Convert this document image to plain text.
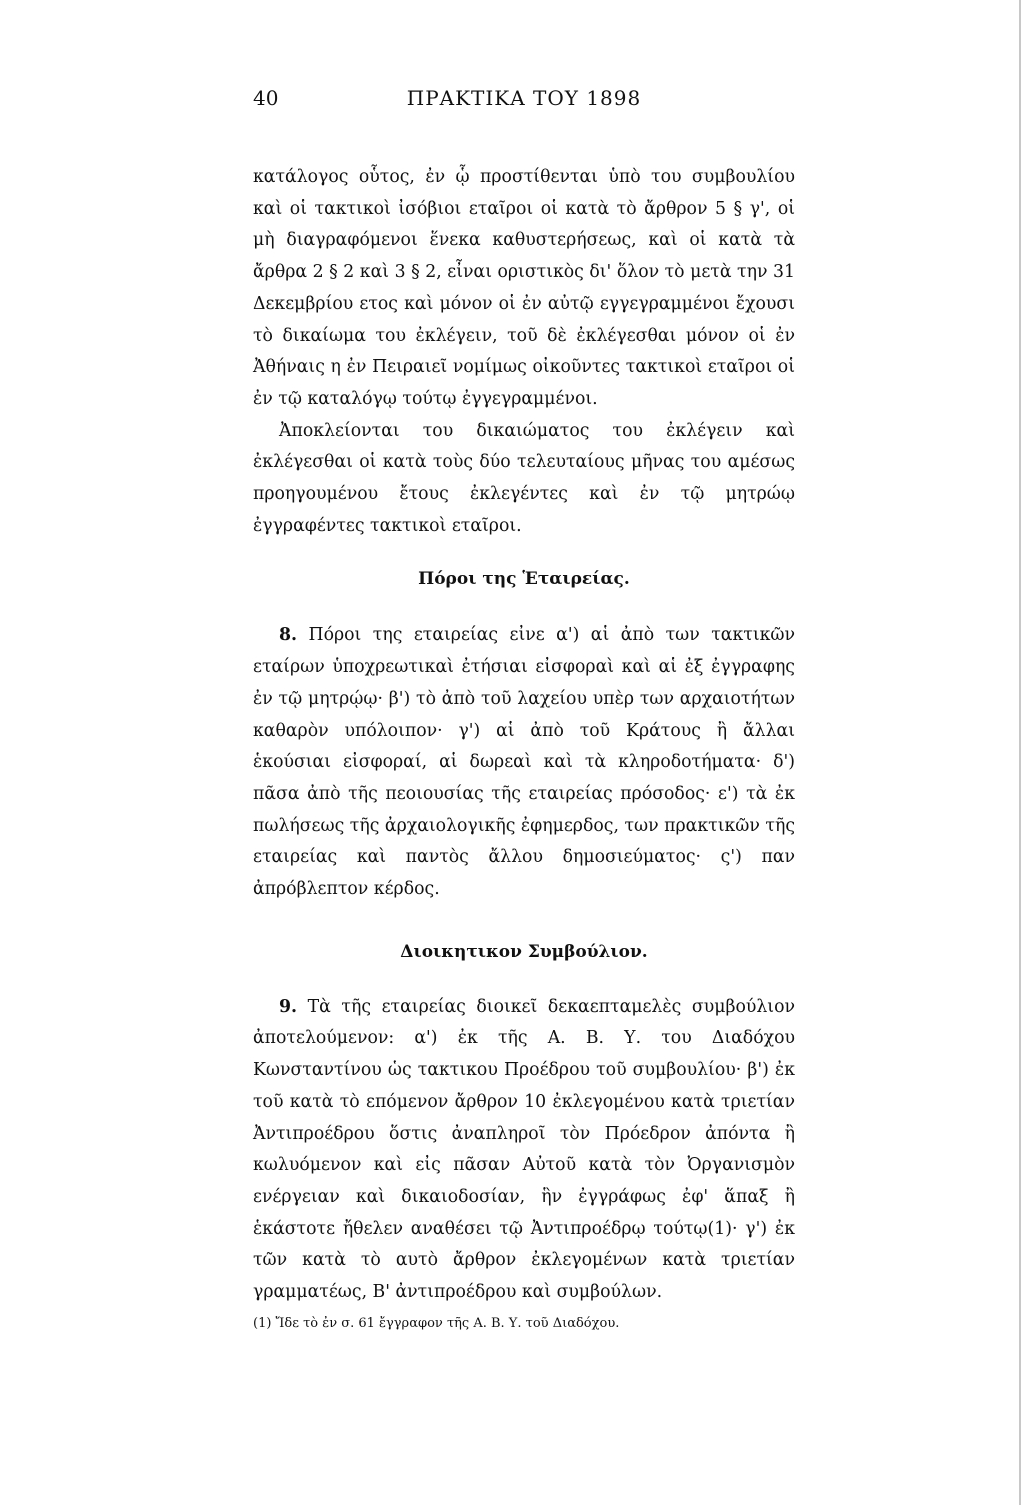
40	ΠΡΑΚΤΙΚΑ ΤΟΥ 1898

κατάλογος οὗτος, ἐν ᾧ προστίθενται ὑπὸ του συμβουλίου καὶ οἱ τακτικοὶ ἰσόβιοι εταῖροι οἱ κατὰ τὸ ἄρθρον 5 § γ', οἱ μὴ διαγραφόμενοι ἕνεκα καθυστερήσεως, καὶ οἱ κατὰ τὰ ἄρθρα 2 § 2 καὶ 3 § 2, εἶναι οριστικὸς δι' ὅλον τὸ μετὰ την 31 Δεκεμβρίου ετος καὶ μόνον οἱ ἐν αὐτῷ εγγεγραμμένοι ἔχουσι τὸ δικαίωμα του ἐκλέγειν, τοῦ δὲ ἐκλέγεσθαι μόνον οἱ ἐν Ἀθήναις η ἐν Πειραιεῖ νομίμως οἰκοῦντες τακτικοὶ εταῖροι οἱ ἐν τῷ καταλόγῳ τούτῳ ἐγγεγραμμένοι.

Ἀποκλείονται του δικαιώματος του ἐκλέγειν καὶ ἐκλέγεσθαι οἱ κατὰ τοὺς δύο τελευταίους μῆνας του αμέσως προηγουμένου ἔτους ἐκλεγέντες καὶ ἐν τῷ μητρώῳ ἐγγραφέντες τακτικοὶ εταῖροι.

Πόροι της Ἑταιρείας.

8. Πόροι της εταιρείας εἰνε α') αἱ ἀπὸ των τακτικῶν εταίρων ὑποχρεωτικαὶ ἐτήσιαι εἰσφοραὶ καὶ αἱ ἐξ ἐγγραφης ἐν τῷ μητρῴῳ· β') τὸ ἀπὸ τοῦ λαχείου υπὲρ των αρχαιοτήτων καθαρὸν υπόλοιπον· γ') αἱ ἀπὸ τοῦ Κράτους ἢ ἄλλαι ἑκούσιαι εἰσφοραί, αἱ δωρεαὶ καὶ τὰ κληροδοτήματα· δ') πᾶσα ἀπὸ τῆς πεοιουσίας τῆς εταιρείας πρόσοδος· ε') τὰ ἐκ πωλήσεως τῆς ἀρχαιολογικῆς ἐφημερδος, των πρακτικῶν τῆς εταιρείας καὶ παντὸς ἄλλου δημοσιεύματος· ς') παν ἀπρόβλεπτον κέρδος.

Διοικητικον Συμβούλιον.

9. Τὰ τῆς εταιρείας διοικεῖ δεκαεπταμελὲς συμβούλιον ἀποτελούμενον: α') ἐκ τῆς Α. Β. Υ. του Διαδόχου Κωνσταντίνου ὡς τακτικου Προέδρου τοῦ συμβουλίου· β') ἐκ τοῦ κατὰ τὸ επόμενον ἄρθρον 10 ἐκλεγομένου κατὰ τριετίαν Ἀντιπροέδρου ὅστις ἀναπληροῖ τὸν Πρόεδρον ἀπόντα ἢ κωλυόμενον καὶ εἰς πᾶσαν Αὐτοῦ κατὰ τὸν Ὀργανισμὸν ενέργειαν καὶ δικαιοδοσίαν, ἣν ἐγγράφως ἐφ' ἅπαξ ἢ ἑκάστοτε ἤθελεν αναθέσει τῷ Ἀντιπροέδρῳ τούτῳ(1)· γ') ἐκ τῶν κατὰ τὸ αυτὸ ἄρθρον ἐκλεγομένων κατὰ τριετίαν γραμματέως, Β' ἀντιπροέδρου καὶ συμβούλων.

(1) Ἴδε τὸ ἐν σ. 61 ἔγγραφον τῆς Α. Β. Υ. τοῦ Διαδόχου.
